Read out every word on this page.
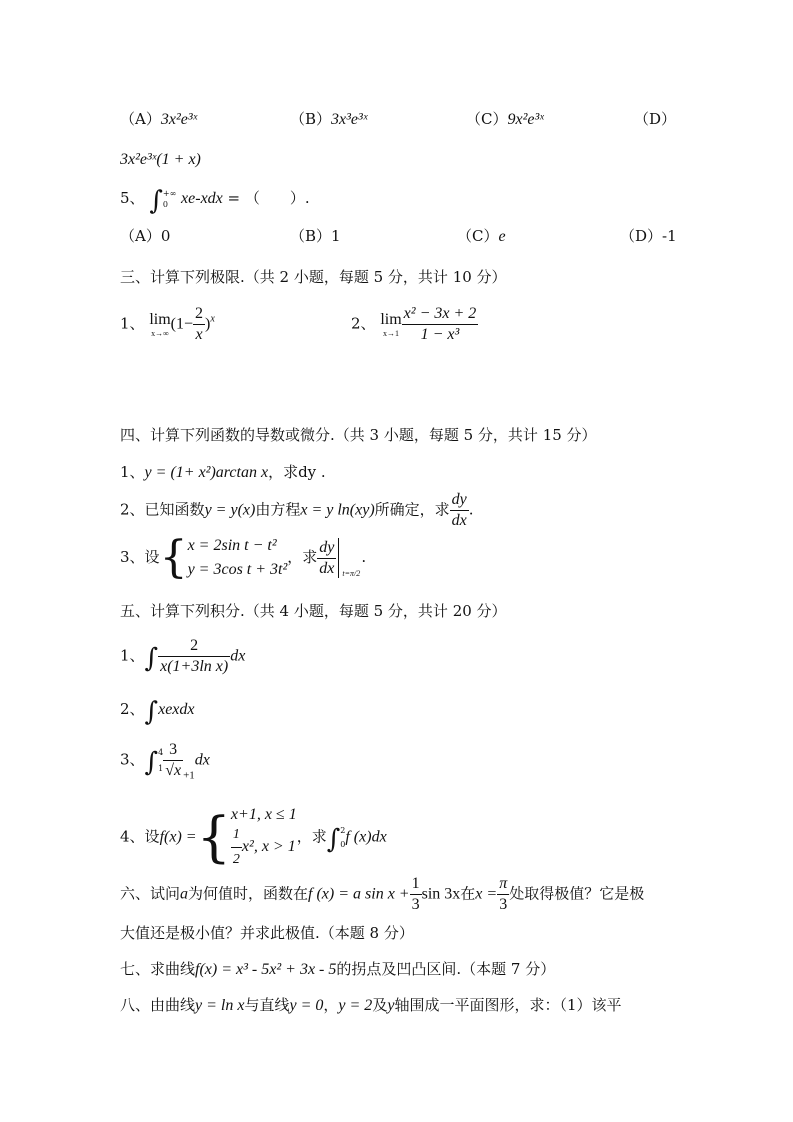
（A）3x²e³ˣ	（B）3x³e³ˣ	（C）9x²e³ˣ	（D）
3x²e³ˣ(1 + x)
5、 ∫ +∞
0 xe-xdx = （　　）.
（A）0	（B）1	（C）e	（D）-1
三、计算下列极限.（共 2 小题，每题 5 分，共计 10 分）
1、 lim
x→∞
$(1- \frac{2}{x} )^x$	2、 lim
$x\to 1 \frac{\text{x² − 3x + 2}}{\text{1 − x³}}$
四、计算下列函数的导数或微分.（共 3 小题，每题 5 分，共计 15 分）
1、y = (1+ x²)arctan x，求dy .
2、已知函数y = y(x)由方程x = y ln(xy)所确定，求 $\frac{dy}{dx}$ .
3、设{ x = 2sin t − t²
y = 3cos t + 3t²
，求 $\frac{dy}{dx} t=\pi/2$
.
五、计算下列积分.（共 4 小题，每题 5 分，共计 20 分）
1、∫ $\frac{2}{\text{x(1+3ln x)}}$ dx
2、∫xexdx
3、∫ 4
$1 \frac{3}{√x} _{+1}dx$
4、设f(x) ={ x+1, x ≤ 1
$\frac{1}{2} x^2$, x > 1
，求∫ 2
0 f (x)dx
六、试问a为何值时，函数在f (x) = a $\sin x + \frac{1}{3}$ sin 3x在$x = \frac{\pi}{3}$ 处取得极值？它是极
大值还是极小值？并求此极值.（本题 8 分）
七、求曲线f(x) = x³ - 5x² + 3x - 5的拐点及凹凸区间.（本题 7 分）
八、由曲线y = ln x与直线y = 0，y = 2及y轴围成一平面图形，求：（1）该平
